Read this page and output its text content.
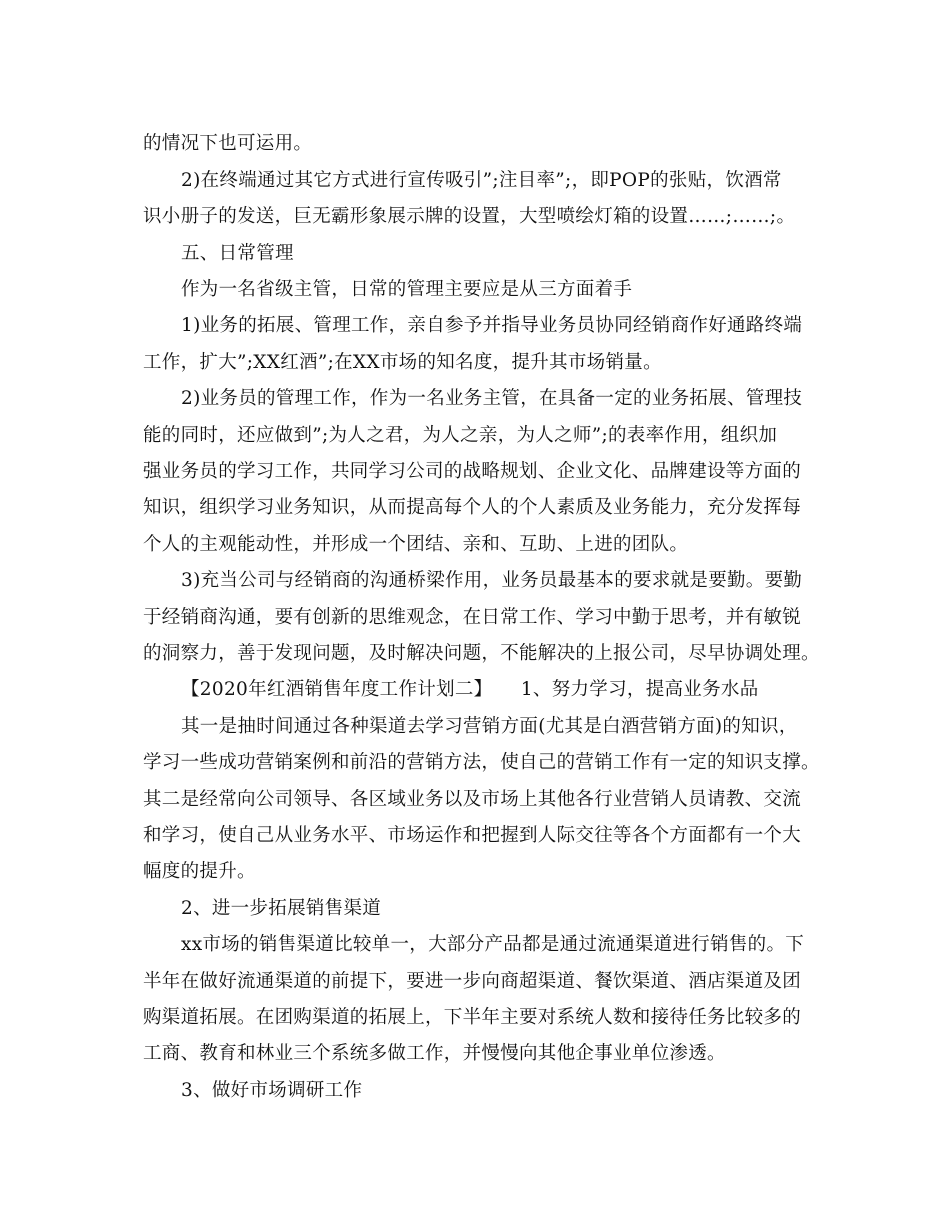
的情况下也可运用。
2)在终端通过其它方式进行宣传吸引”;注目率”;，即POP的张贴，饮酒常
识小册子的发送，巨无霸形象展示牌的设置，大型喷绘灯箱的设置……;……;。
五、日常管理
作为一名省级主管，日常的管理主要应是从三方面着手
1)业务的拓展、管理工作，亲自参予并指导业务员协同经销商作好通路终端
工作，扩大”;XX红酒”;在XX市场的知名度，提升其市场销量。
2)业务员的管理工作，作为一名业务主管，在具备一定的业务拓展、管理技
能的同时，还应做到”;为人之君，为人之亲，为人之师”;的表率作用，组织加
强业务员的学习工作，共同学习公司的战略规划、企业文化、品牌建设等方面的
知识，组织学习业务知识，从而提高每个人的个人素质及业务能力，充分发挥每
个人的主观能动性，并形成一个团结、亲和、互助、上进的团队。
3)充当公司与经销商的沟通桥梁作用，业务员最基本的要求就是要勤。要勤
于经销商沟通，要有创新的思维观念，在日常工作、学习中勤于思考，并有敏锐
的洞察力，善于发现问题，及时解决问题，不能解决的上报公司，尽早协调处理。
【2020年红酒销售年度工作计划二】　　1、努力学习，提高业务水品
其一是抽时间通过各种渠道去学习营销方面(尤其是白酒营销方面)的知识，
学习一些成功营销案例和前沿的营销方法，使自己的营销工作有一定的知识支撑。
其二是经常向公司领导、各区域业务以及市场上其他各行业营销人员请教、交流
和学习，使自己从业务水平、市场运作和把握到人际交往等各个方面都有一个大
幅度的提升。
2、进一步拓展销售渠道
xx市场的销售渠道比较单一，大部分产品都是通过流通渠道进行销售的。下
半年在做好流通渠道的前提下，要进一步向商超渠道、餐饮渠道、酒店渠道及团
购渠道拓展。在团购渠道的拓展上，下半年主要对系统人数和接待任务比较多的
工商、教育和林业三个系统多做工作，并慢慢向其他企事业单位渗透。
3、做好市场调研工作
